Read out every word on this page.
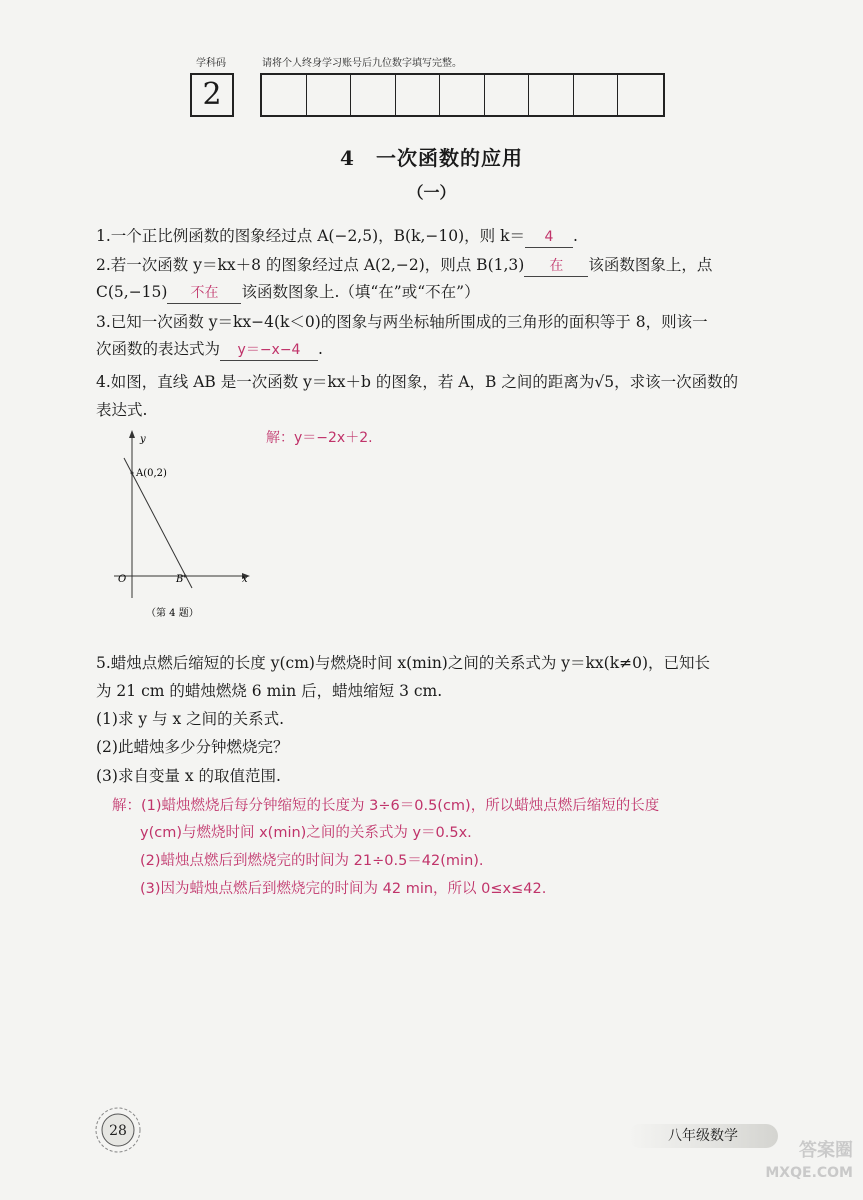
学科码	请将个人终身学习账号后九位数字填写完整。
2
4　一次函数的应用
（一）
1.一个正比例函数的图象经过点 A(−2,5)，B(k,−10)，则 k＝ 4 .
2.若一次函数 y＝kx＋8 的图象经过点 A(2,−2)，则点 B(1,3) 在 该函数图象上，点
C(5,−15) 不在 该函数图象上.（填“在”或“不在”）
3.已知一次函数 y＝kx−4(k＜0)的图象与两坐标轴所围成的三角形的面积等于 8，则该一
次函数的表达式为 y＝−x−4 .
4.如图，直线 AB 是一次函数 y＝kx＋b 的图象，若 A，B 之间的距离为√5，求该一次函数的
表达式.
解：y＝−2x＋2.
y
x
O
A(0,2)
B
（第 4 题）
5.蜡烛点燃后缩短的长度 y(cm)与燃烧时间 x(min)之间的关系式为 y＝kx(k≠0)，已知长
为 21 cm 的蜡烛燃烧 6 min 后，蜡烛缩短 3 cm.
(1)求 y 与 x 之间的关系式.
(2)此蜡烛多少分钟燃烧完？
(3)求自变量 x 的取值范围.
解：(1)蜡烛燃烧后每分钟缩短的长度为 3÷6＝0.5(cm)，所以蜡烛点燃后缩短的长度
y(cm)与燃烧时间 x(min)之间的关系式为 y＝0.5x.
(2)蜡烛点燃后到燃烧完的时间为 21÷0.5＝42(min).
(3)因为蜡烛点燃后到燃烧完的时间为 42 min，所以 0≤x≤42.
28	八年级数学
答案圈
MXQE.COM
